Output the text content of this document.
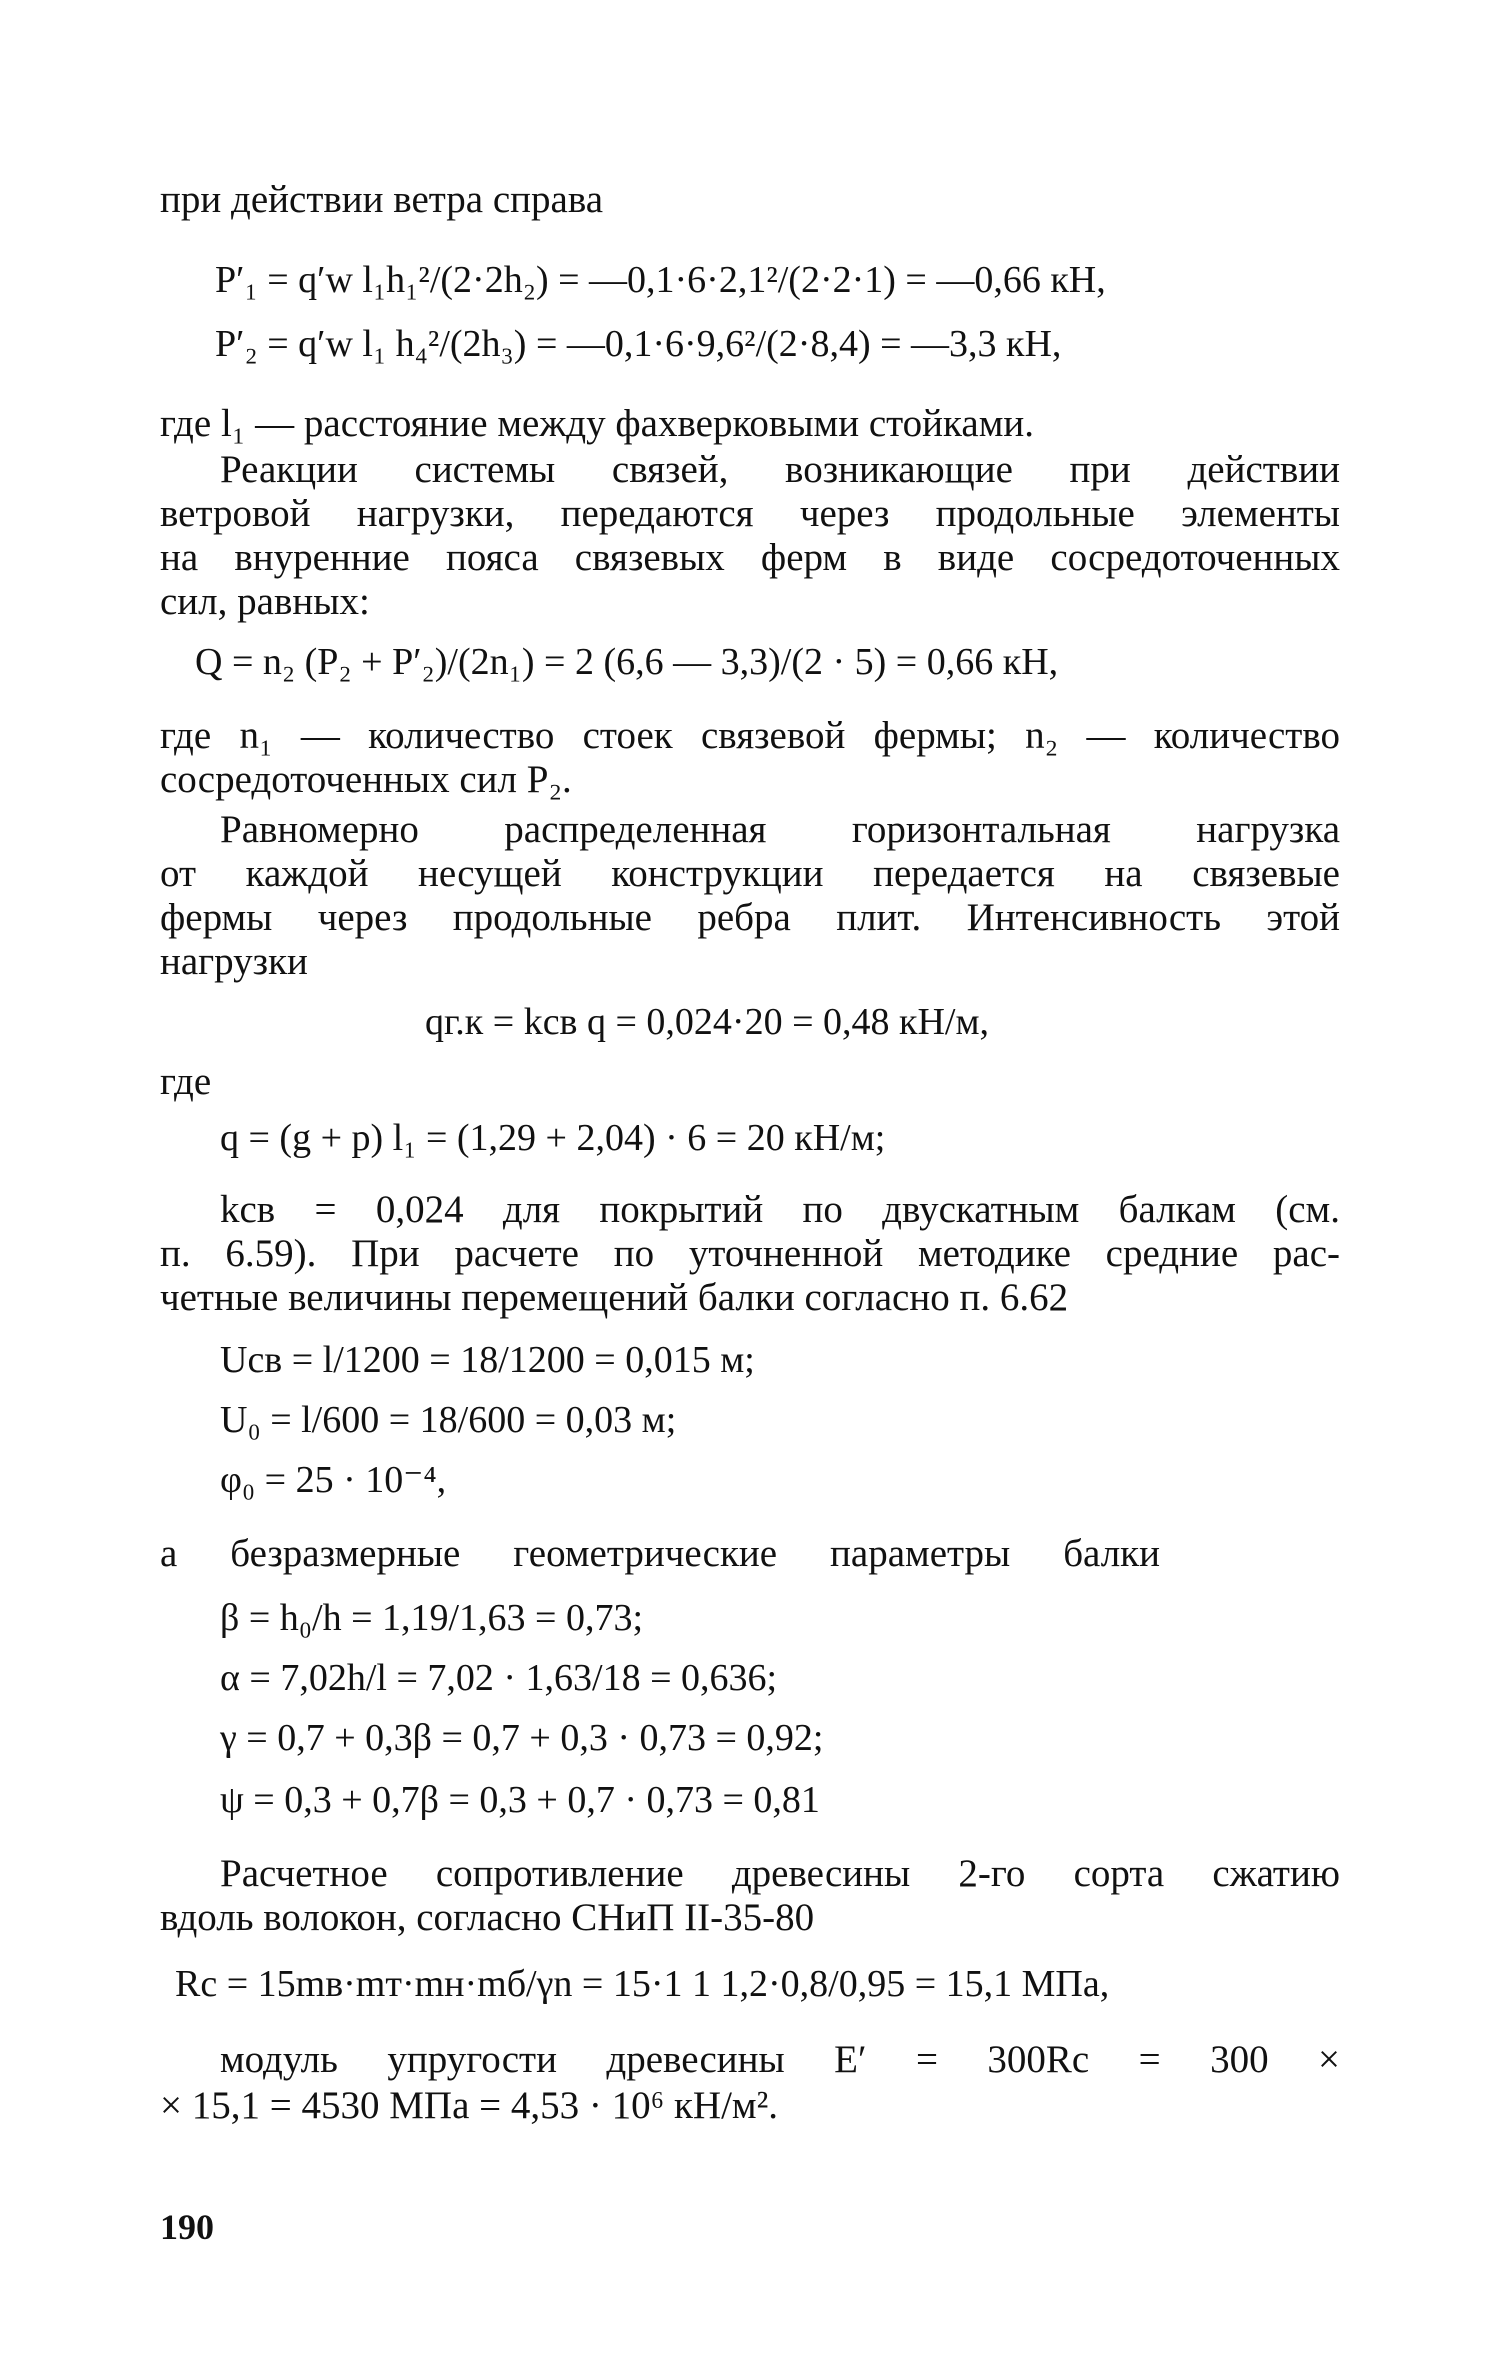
при действии ветра справа
P′₁ = q′w l₁h₁²/(2·2h₂) = —0,1·6·2,1²/(2·2·1) = —0,66 кН,
P′₂ = q′w l₁ h₄²/(2h₃) = —0,1·6·9,6²/(2·8,4) = —3,3 кН,
где l₁ — расстояние между фахверковыми стойками.
Реакции системы связей, возникающие при действии
ветровой нагрузки, передаются через продольные элементы
на внуренние пояса связевых ферм в виде сосредоточенных
сил, равных:
Q = n₂ (P₂ + P′₂)/(2n₁) = 2 (6,6 — 3,3)/(2 · 5) = 0,66 кН,
где n₁ — количество стоек связевой фермы; n₂ — количество
сосредоточенных сил P₂.
Равномерно распределенная горизонтальная нагрузка
от каждой несущей конструкции передается на связевые
фермы через продольные ребра плит. Интенсивность этой
нагрузки
qг.к = kсв q = 0,024·20 = 0,48 кН/м,
где
q = (g + p) l₁ = (1,29 + 2,04) · 6 = 20 кН/м;
kсв = 0,024 для покрытий по двускатным балкам (см.
п. 6.59). При расчете по уточненной методике средние рас-
четные величины перемещений балки согласно п. 6.62
Uсв = l/1200 = 18/1200 = 0,015 м;
U₀ = l/600 = 18/600 = 0,03 м;
φ₀ = 25 · 10⁻⁴,
а безразмерные геометрические параметры балки
β = h₀/h = 1,19/1,63 = 0,73;
α = 7,02h/l = 7,02 · 1,63/18 = 0,636;
γ = 0,7 + 0,3β = 0,7 + 0,3 · 0,73 = 0,92;
ψ = 0,3 + 0,7β = 0,3 + 0,7 · 0,73 = 0,81
Расчетное сопротивление древесины 2-го сорта сжатию
вдоль волокон, согласно СНиП II-35-80
Rс = 15mв·mт·mн·mб/γn = 15·1 1 1,2·0,8/0,95 = 15,1 МПа,
модуль упругости древесины E′ = 300Rс = 300 ×
× 15,1 = 4530 МПа = 4,53 · 10⁶ кН/м².
190
